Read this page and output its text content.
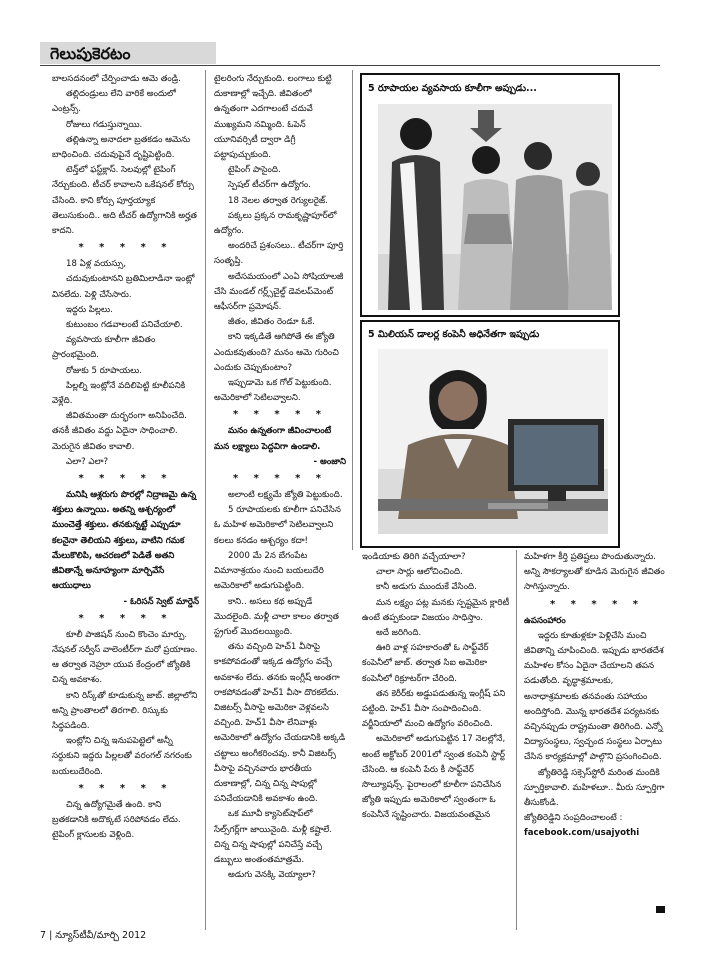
గెలుపుకెరటం

బాలసదనంలో చేర్పించాడు ఆమె తండ్రి.

తల్లిదండ్రులు లేని వారికే అందులో ఎంట్రన్స్.

రోజులు గడుస్తున్నాయి.

తల్లిఉన్నా అనాదలా బ్రతకడం ఆమెను బాధించింది. చదువుపైనే దృష్టిపెట్టింది.

టెన్త్‌లో ఫస్ట్‌క్లాస్. సెలవుల్లో టైపింగ్ నేర్చుకుంది. టీచర్ కావాలని ఒకేషనల్ కోర్సు చేసింది. కాని కోర్సు పూర్తయ్యాక తెలుసుకుంది.. అది టీచర్ ఉద్యోగానికి అర్హత కాదని.

* * * * *

18 ఏళ్ల వయస్సు,

చదువుకుంటానని బ్రతిమిలాడినా ఇంట్లో వినలేదు. పెళ్లి చేసేసారు.

ఇద్దరు పిల్లలు.

కుటుంబం గడవాలంటే పనిచేయాలి.

వ్యవసాయ కూలీగా జీవితం ప్రారంభమైంది.

రోజుకు 5 రూపాయలు.

పిల్లల్ని ఇంట్లోనే వదిలిపెట్టి కూలీపనికి వెళ్లేది.

జీవితమంతా దుర్భరంగా అనిపించేది. తనకీ జీవితం వద్దు ఏదైనా సాధించాలి. మెరుగైన జీవితం కావాలి.

ఎలా? ఎలా?

* * * * *

మనిషి ఆశ్లరుగు పొరల్లో నిద్రాణమై ఉన్న శక్తులు ఉన్నాయి. అతన్ని ఆశ్చర్యంలో ముంచెత్తే శక్తులు. తనకున్నట్టే ఎప్పుడూ కలనైనా తెలియని శక్తులు, వాటిని గమక మేలుకొలిపి, ఆచరణలో పెడితే అతని జీవితాన్నే అనూహ్యంగా మార్చివేసే ఆయుధాలు

- ఓరిసన్ స్వెట్ మార్డెన్

* * * * *

కూలీ పాజిషన్ నుంచి కొంచెం మార్పు. నేషనల్ సర్వీస్ వాలెంటీర్‌గా మరో ప్రయాణం. ఆ తర్వాత నెహ్రూ యువ కేంద్రంలో జ్యోతికి చిన్న అవకాశం.

కాని రిస్క్‌తో కూడుకున్న జాబ్. జిల్లాలోని అన్ని ప్రాంతాలలో తిరగాలి. రిస్కుకు సిద్ధపడింది.

ఇంట్లోని చిన్న ఇనుపపెట్టెలో అన్నీ సర్దుకుని ఇద్దరు పిల్లలతో వరంగల్ నగరంకు బయలుదేరింది.

* * * * *

చిన్న ఉద్యోగమైతే ఉంది. కాని బ్రతకడానికి అదొక్కటే సరిపోవడం లేదు. టైపింగ్ క్లాసులకు వెళ్లింది.

టైలరింగు నేర్చుకుంది. లంగాలు కుట్టి దుకాణాల్లో ఇచ్చేది. జీవితంలో ఉన్నతంగా ఎదగాలంటే చదువే ముఖ్యమని నమ్మింది. ఓపెన్ యూనివర్సిటీ ద్వారా డిగ్రీ పట్టాపుచ్చుకుంది.

టైపింగ్ పాసైంది.

స్పెషల్ టీచర్‌గా ఉద్యోగం.

18 నెలల తర్వాత రెగ్యులరైజ్.

పక్కలు ప్రక్కన రామకృష్ణాపూర్‌లో ఉద్యోగం.

అందరిచే ప్రశంసలు.. టీచర్‌గా పూర్తి సంతృప్తి.

అదేసమయంలో ఎంఏ సోషియాలజీ చేసి మండల్ గర్ల్స్‌చైల్డ్ డెవలప్‌మెంట్ ఆఫీసర్‌గా ప్రమోషన్.

జీతం, జీవితం రెండూ ఓకే.

కాని ఇక్కడితే ఆగిపోతే ఈ జ్యోతి ఎందుకవుతుంది? మనం ఆమె గురించి ఎందుకు చెప్పుకుంటాం?

ఇప్పుడామె ఒక గోల్ పెట్టుకుంది. అమెరికాలో సెటిలవ్వాలని.

* * * * *

మనం ఉన్నతంగా జీవించాలంటే మన లక్ష్యాలు పెద్దవిగా ఉండాలి.

- అంజాని

* * * * *

అలాంటి లక్ష్యమే జ్యోతి పెట్టుకుంది.

5 రూపాయలకు కూలీగా పనిచేసిన ఓ మహిళ అమెరికాలో సెటిలవ్వాలని కలలు కనడం ఆశ్చర్యం కదా!

2000 మే 2న బేగంపేట విమానాశ్రయం నుంచి బయలుదేరి అమెరికాలో అడుగుపెట్టింది.

కాని.. అసలు కథ అప్పుడే మొదలైంది. మళ్లీ చాలా కాలం తర్వాత స్ట్రగుల్ మొదలయ్యింది.

తను వచ్చింది హెచ్1 వీసాపై కాకపోవడంతో ఇక్కడ ఉద్యోగం వచ్చే అవకాశం లేదు. తనకు ఇంగ్లీష్ అంతగా రాకపోవడంతో హెచ్1 వీసా దొరకలేదు. విజిటర్స్ వీసాపై అమెరికా వెళ్లవలసి వచ్చింది. హెచ్1 వీసా లేనివాళ్లు అమెరికాలో ఉద్యోగం చేయడానికి అక్కడి చట్టాలు అంగీకరించవు. కానీ విజిటర్స్ వీసాపై వచ్చినవారు భారతీయ దుకాణాల్లో, చిన్న చిన్న షాపుల్లో పనిచేయడానికి అవకాశం ఉంది.

ఒక మూవీ క్యాసెట్‌షాప్‌లో సేల్స్‌గర్ల్‌గా జాయినైంది. మళ్లీ కష్టాలే. చిన్న చిన్న షాపుల్లో పనిచేస్తే వచ్చే డబ్బులు అంతంతమాత్రమే.

అడుగు వెనక్కి వెయ్యాలా?

5 రూపాయల వ్యవసాయ కూలీగా అప్పుడు...
5 మిలియన్ డాలర్ల కంపెనీ అధినేతగా ఇప్పుడు

ఇండియాకు తిరిగి వచ్చేయాలా?

చాలా సార్లు ఆలోచించింది.

కానీ అడుగు ముందుకే వేసింది.

మన లక్ష్యం పట్ల మనకు స్పష్టమైన క్లారిటీ ఉంటే తప్పకుండా విజయం సాధిస్తాం.

అదే జరిగింది.

ఊరి వాళ్ల సహకారంతో ఓ సాఫ్ట్‌వేర్ కంపెనీలో జాబ్. తర్వాత సిఐ అమెరికా కంపెనీలో రిక్రూటర్‌గా చేరింది.

తన కెరీర్‌కు అడ్డుపడుతున్న ఇంగ్లీష్ పని పట్టింది. హెచ్1 వీసా సంపాదించింది. వర్జీనియాలో మంచి ఉద్యోగం వరించింది.

అమెరికాలో అడుగుపెట్టిన 17 నెలల్లోనే, అంటే అక్టోబర్ 2001లో స్వంత కంపెనీ స్టార్ట్ చేసింది. ఆ కంపెనీ పేరు కీ సాఫ్ట్‌వేర్ సొల్యూషన్స్. పైరాలంలో కూలీగా పనిచేసిన జ్యోతి ఇప్పుడు అమెరికాలో స్వంతంగా ఓ కంపెనీనే సృష్టించారు. విజయవంతమైన

మహిళగా కీర్తి ప్రతిష్టలు పొందుతున్నారు. అన్ని సౌకర్యాలతో కూడిన మెరుగైన జీవితం సాగిస్తున్నారు.

* * * * *

ఉపసంహారం

ఇద్దరు కూతుళ్లకూ పెళ్లిచేసి మంచి జీవితాన్ని చూపించింది. ఇప్పుడు భారతదేశ మహిళల కోసం ఏదైనా చేయాలని తపన పడుతోంది. వృద్ధాశ్రమాలకు, అనాధాశ్రమాలకు తనవంతు సహాయం అందిస్తోంది. మొన్న భారతదేశ పర్యటనకు వచ్చినప్పుడు రాష్ట్రమంతా తిరిగింది. ఎన్నో విద్యాసంస్థలు, స్వచ్ఛంద సంస్థలు ఏర్పాటు చేసిన కార్యక్రమాల్లో పాల్గొని ప్రసంగించింది.

జ్యోతిరెడ్డి సక్సెస్‌స్టోరీ మరింత మందికి స్ఫూర్తికావాలి. మహిళలూ.. మీరు స్ఫూర్తిగా తీసుకోండి.

జ్యోతిరెడ్డిని సంప్రదించాలంటే :

facebook.com/usajyothi

7 | న్యూస్‌టీవీ/మార్చి 2012
